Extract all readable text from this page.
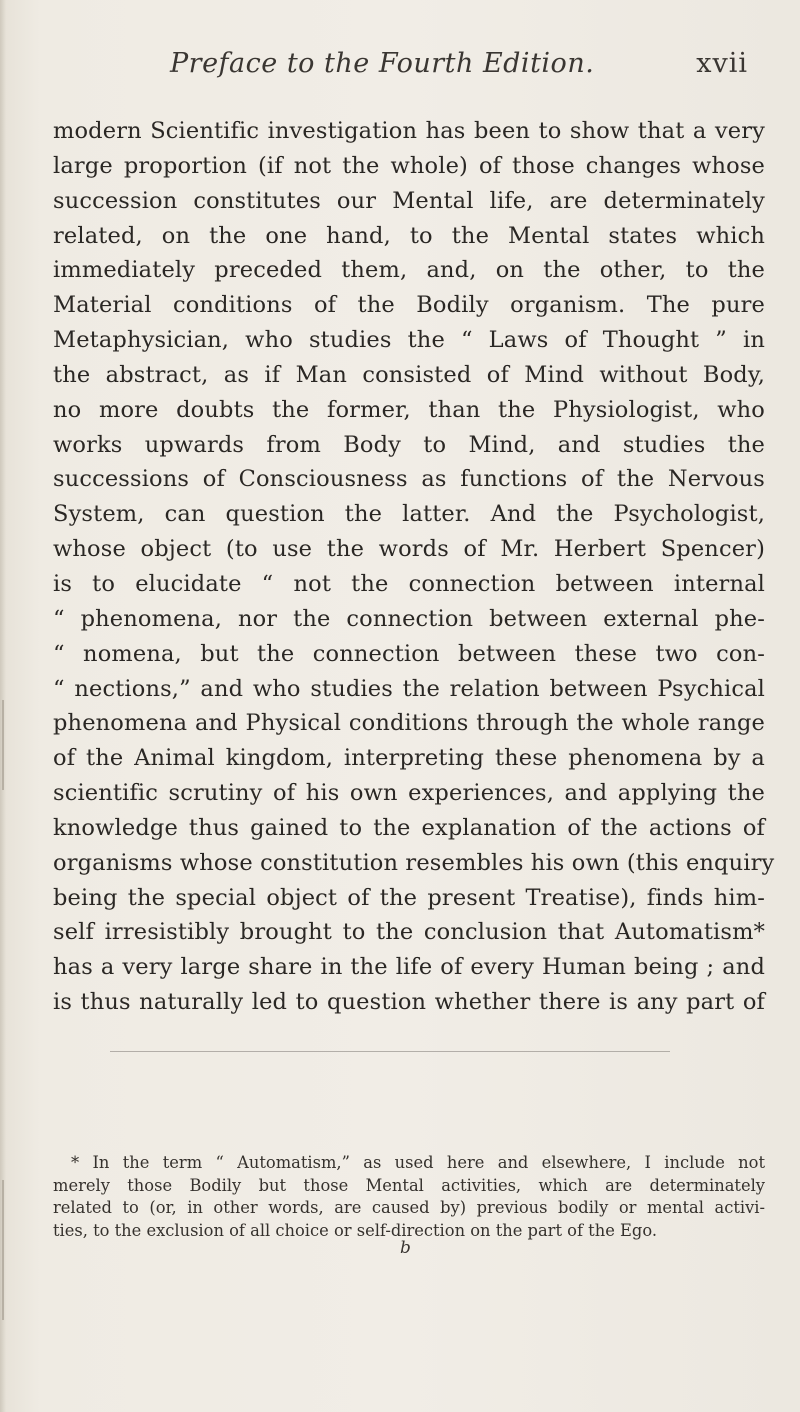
Preface to the Fourth Edition.	xvii
modern Scientific investigation has been to show that a very
large proportion (if not the whole) of those changes whose
succession constitutes our Mental life, are determinately
related, on the one hand, to the Mental states which
immediately preceded them, and, on the other, to the
Material conditions of the Bodily organism. The pure
Metaphysician, who studies the “ Laws of Thought ” in
the abstract, as if Man consisted of Mind without Body,
no more doubts the former, than the Physiologist, who
works upwards from Body to Mind, and studies the
successions of Consciousness as functions of the Nervous
System, can question the latter. And the Psychologist,
whose object (to use the words of Mr. Herbert Spencer)
is to elucidate “ not the connection between internal
“ phenomena, nor the connection between external phe-
“ nomena, but the connection between these two con-
“ nections,” and who studies the relation between Psychical
phenomena and Physical conditions through the whole range
of the Animal kingdom, interpreting these phenomena by a
scientific scrutiny of his own experiences, and applying the
knowledge thus gained to the explanation of the actions of
organisms whose constitution resembles his own (this enquiry
being the special object of the present Treatise), finds him-
self irresistibly brought to the conclusion that Automatism*
has a very large share in the life of every Human being ; and
is thus naturally led to question whether there is any part of
* In the term “ Automatism,” as used here and elsewhere, I include not
merely those Bodily but those Mental activities, which are determinately
related to (or, in other words, are caused by) previous bodily or mental activi-
ties, to the exclusion of all choice or self-direction on the part of the Ego.
b
